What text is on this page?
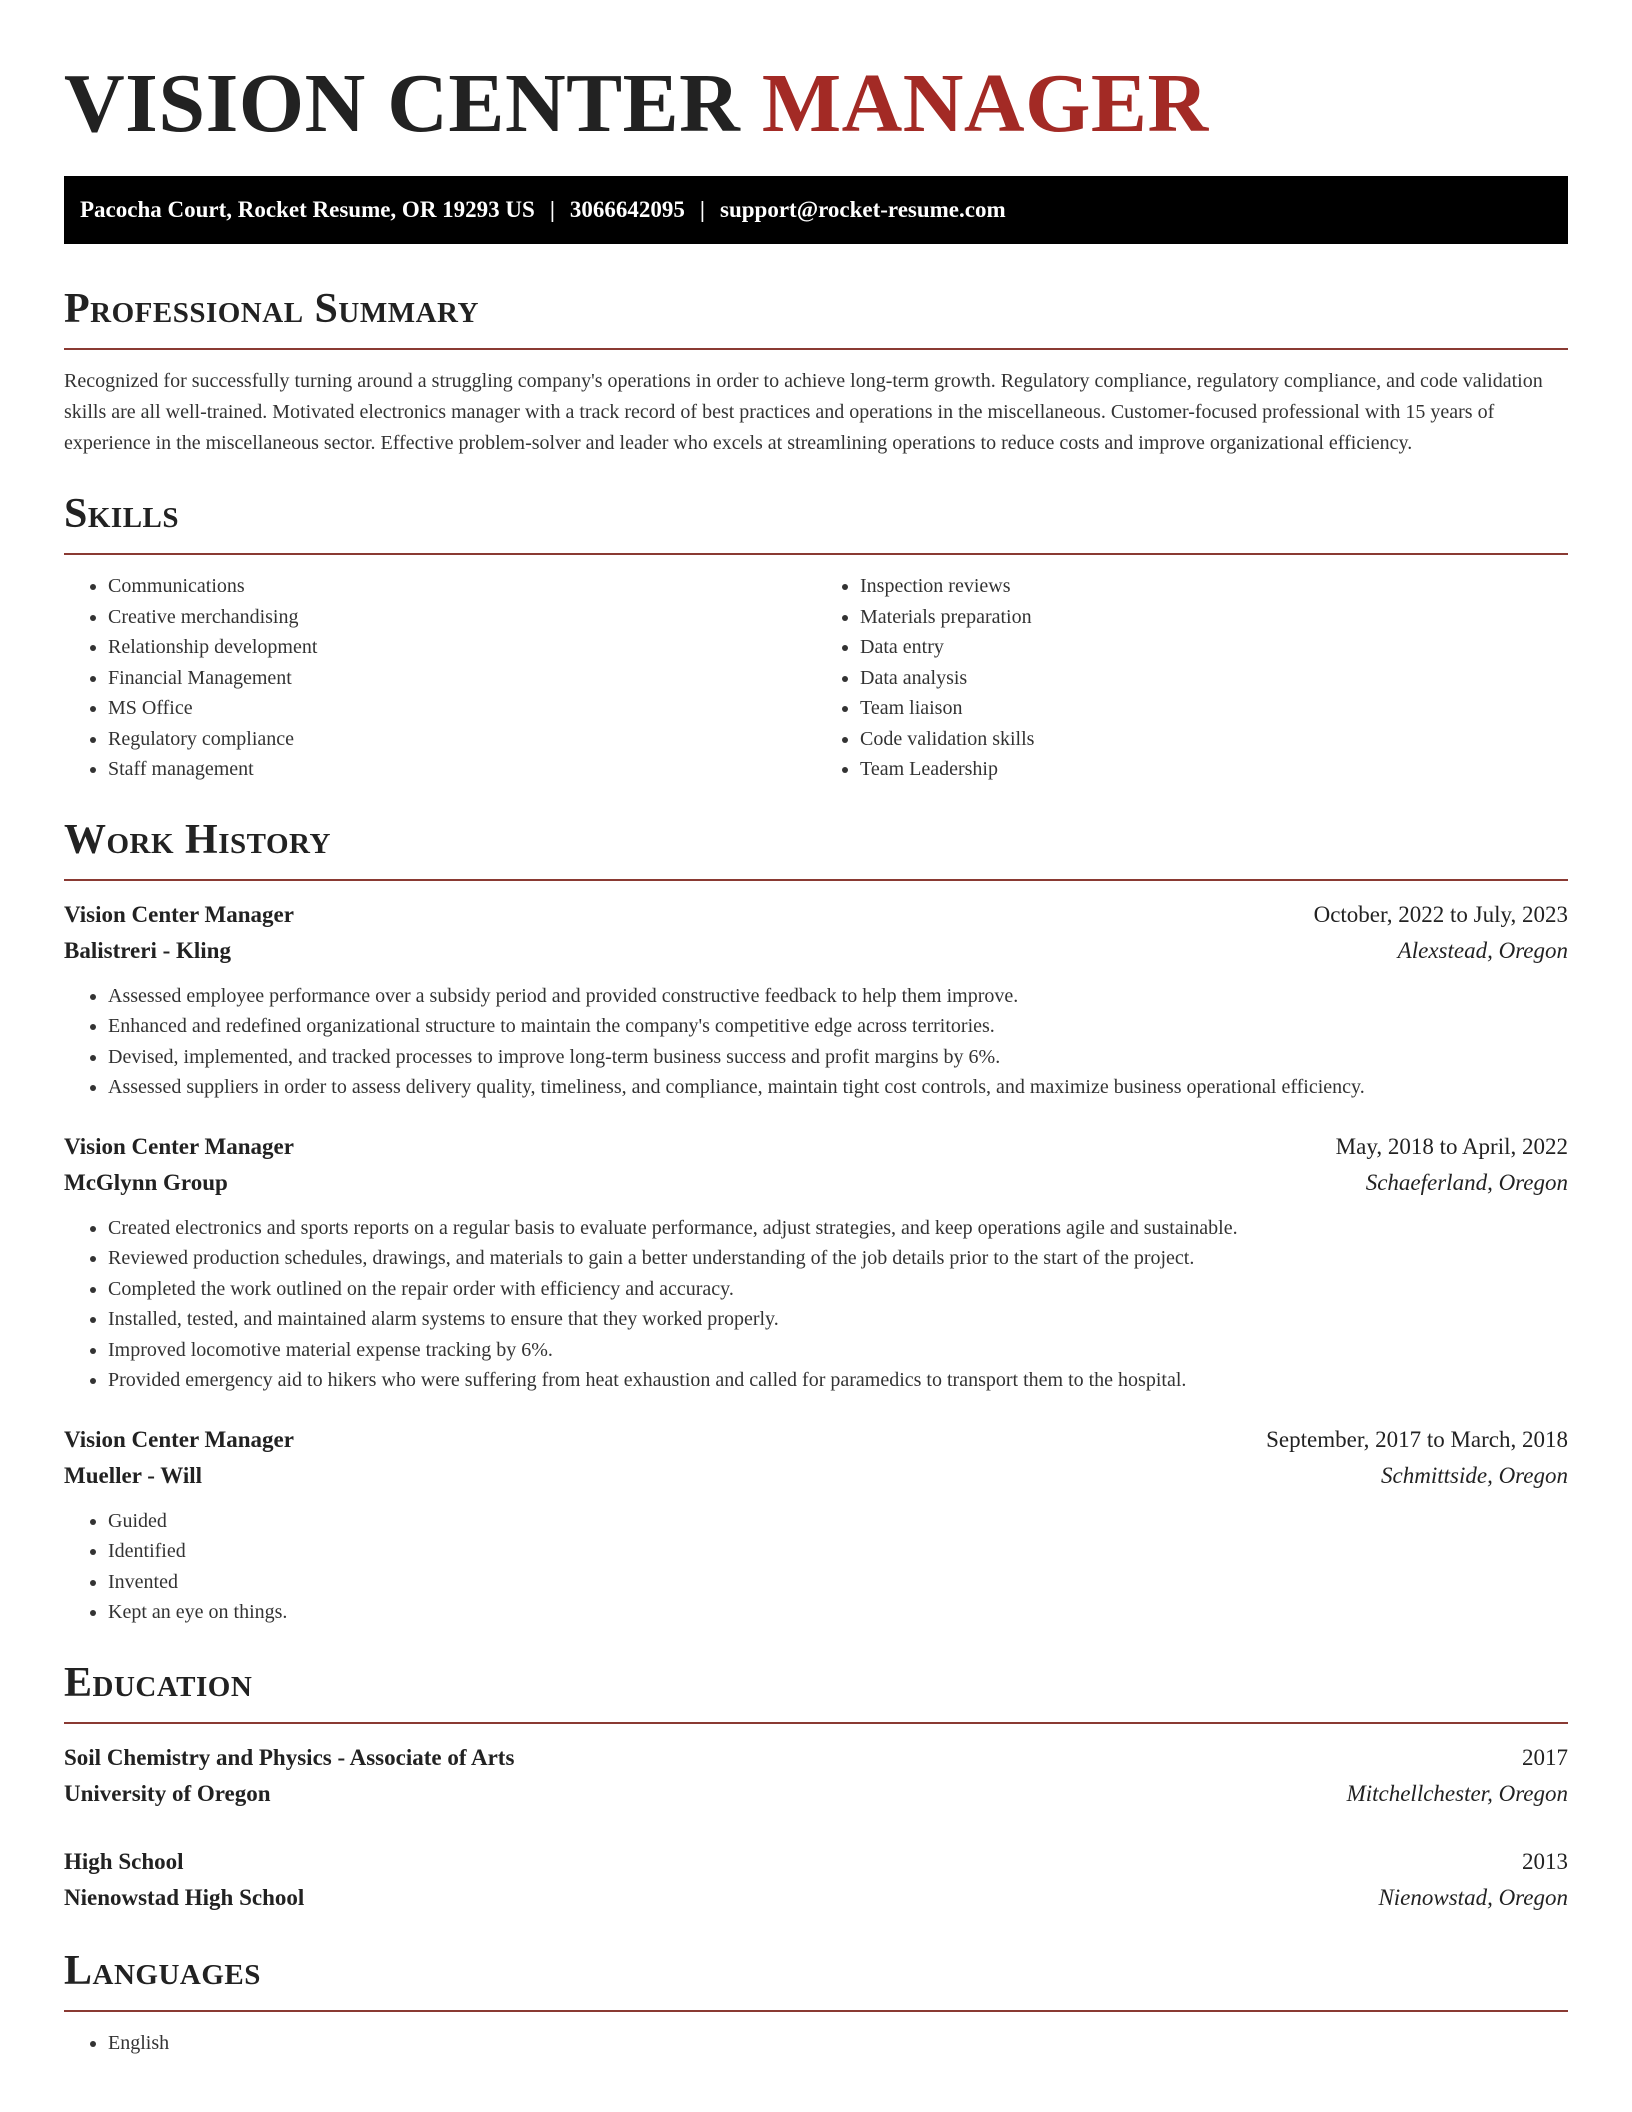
VISION CENTER MANAGER
Pacocha Court, Rocket Resume, OR 19293 US | 3066642095 | support@rocket-resume.com
Professional Summary

Recognized for successfully turning around a struggling company's operations in order to achieve long-term growth. Regulatory compliance, regulatory compliance, and code validation skills are all well-trained. Motivated electronics manager with a track record of best practices and operations in the miscellaneous. Customer-focused professional with 15 years of experience in the miscellaneous sector. Effective problem-solver and leader who excels at streamlining operations to reduce costs and improve organizational efficiency.

Skills
• Communications
• Creative merchandising
• Relationship development
• Financial Management
• MS Office
• Regulatory compliance
• Staff management
• Inspection reviews
• Materials preparation
• Data entry
• Data analysis
• Team liaison
• Code validation skills
• Team Leadership
Work History
Vision Center Manager	October, 2022 to July, 2023
Balistreri - Kling	Alexstead, Oregon
• Assessed employee performance over a subsidy period and provided constructive feedback to help them improve.
• Enhanced and redefined organizational structure to maintain the company's competitive edge across territories.
• Devised, implemented, and tracked processes to improve long-term business success and profit margins by 6%.
• Assessed suppliers in order to assess delivery quality, timeliness, and compliance, maintain tight cost controls, and maximize business operational efficiency.
Vision Center Manager	May, 2018 to April, 2022
McGlynn Group	Schaeferland, Oregon
• Created electronics and sports reports on a regular basis to evaluate performance, adjust strategies, and keep operations agile and sustainable.
• Reviewed production schedules, drawings, and materials to gain a better understanding of the job details prior to the start of the project.
• Completed the work outlined on the repair order with efficiency and accuracy.
• Installed, tested, and maintained alarm systems to ensure that they worked properly.
• Improved locomotive material expense tracking by 6%.
• Provided emergency aid to hikers who were suffering from heat exhaustion and called for paramedics to transport them to the hospital.
Vision Center Manager	September, 2017 to March, 2018
Mueller - Will	Schmittside, Oregon
• Guided
• Identified
• Invented
• Kept an eye on things.
Education
Soil Chemistry and Physics - Associate of Arts	2017
University of Oregon	Mitchellchester, Oregon
High School	2013
Nienowstad High School	Nienowstad, Oregon
Languages
• English
